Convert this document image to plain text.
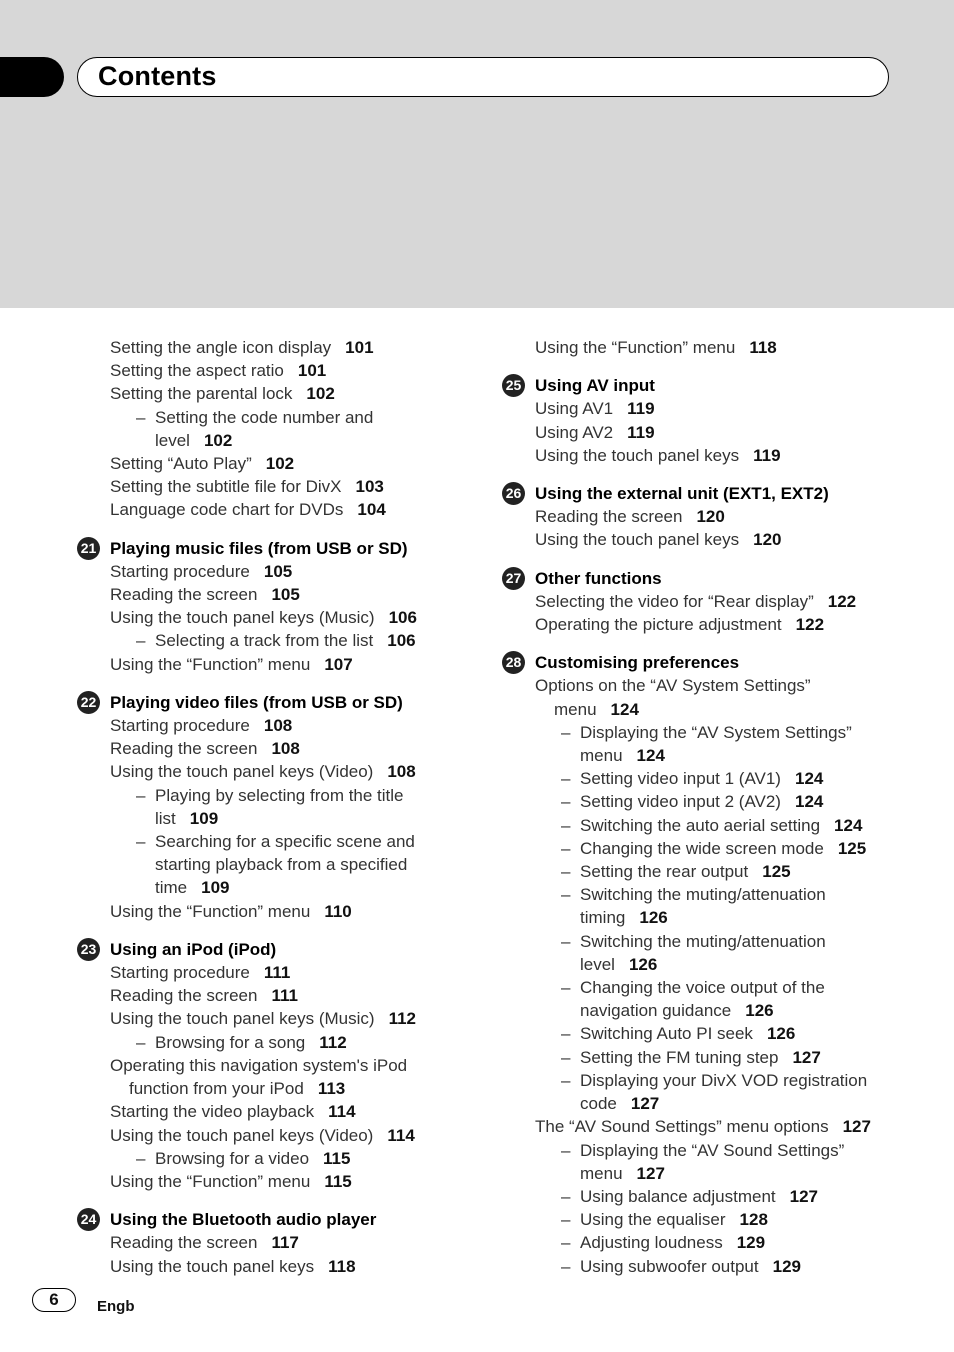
Contents
Setting the angle icon display 101
Setting the aspect ratio 101
Setting the parental lock 102
– Setting the code number and
level 102
Setting “Auto Play” 102
Setting the subtitle file for DivX 103
Language code chart for DVDs 104
21 Playing music files (from USB or SD)
Starting procedure 105
Reading the screen 105
Using the touch panel keys (Music) 106
– Selecting a track from the list 106
Using the “Function” menu 107
22 Playing video files (from USB or SD)
Starting procedure 108
Reading the screen 108
Using the touch panel keys (Video) 108
– Playing by selecting from the title
list 109
– Searching for a specific scene and
starting playback from a specified
time 109
Using the “Function” menu 110
23 Using an iPod (iPod)
Starting procedure 111
Reading the screen 111
Using the touch panel keys (Music) 112
– Browsing for a song 112
Operating this navigation system's iPod
function from your iPod 113
Starting the video playback 114
Using the touch panel keys (Video) 114
– Browsing for a video 115
Using the “Function” menu 115
24 Using the Bluetooth audio player
Reading the screen 117
Using the touch panel keys 118
Using the “Function” menu 118
25 Using AV input
Using AV1 119
Using AV2 119
Using the touch panel keys 119
26 Using the external unit (EXT1, EXT2)
Reading the screen 120
Using the touch panel keys 120
27 Other functions
Selecting the video for “Rear display” 122
Operating the picture adjustment 122
28 Customising preferences
Options on the “AV System Settings”
menu 124
– Displaying the “AV System Settings”
menu 124
– Setting video input 1 (AV1) 124
– Setting video input 2 (AV2) 124
– Switching the auto aerial setting 124
– Changing the wide screen mode 125
– Setting the rear output 125
– Switching the muting/attenuation
timing 126
– Switching the muting/attenuation
level 126
– Changing the voice output of the
navigation guidance 126
– Switching Auto PI seek 126
– Setting the FM tuning step 127
– Displaying your DivX VOD registration
code 127
The “AV Sound Settings” menu options 127
– Displaying the “AV Sound Settings”
menu 127
– Using balance adjustment 127
– Using the equaliser 128
– Adjusting loudness 129
– Using subwoofer output 129
6	Engb
